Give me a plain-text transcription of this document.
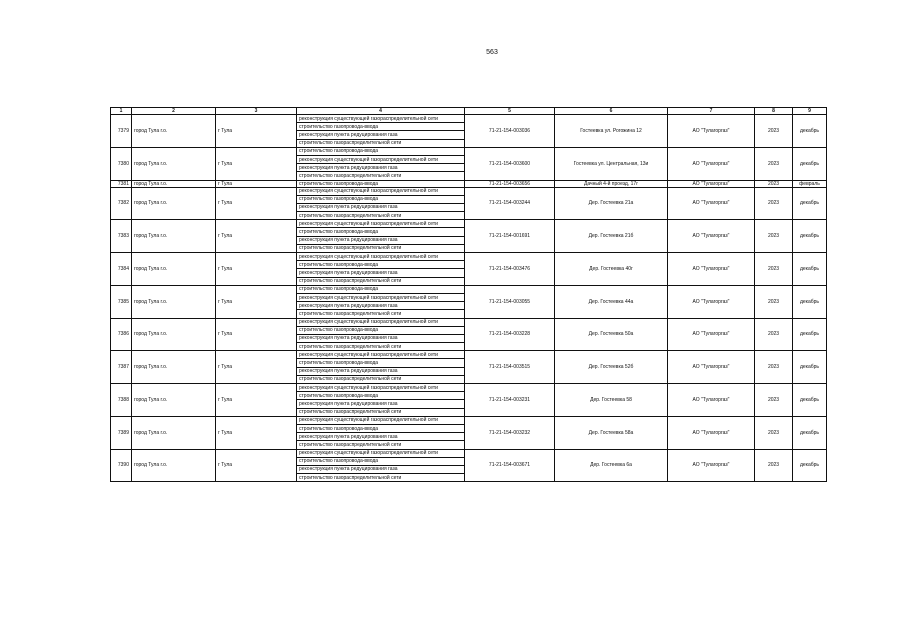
563
1	2	3	4	5	6	7	8	9
7379	город Тула г.о.	г Тула	реконструкция существующей газораспределительной сети	71-21-154-003036	Гостеевка ул. Рогожина 12	АО "Тулагоргаз"	2023	декабрь
			строительство газопровода-ввода					
			реконструкция пункта редуцирования газа					
			строительство газораспределительной сети					
7380	город Тула г.о.	г Тула	строительство газопровода-ввода	71-21-154-003600	Гостеевка ул. Центральная, 13и	АО "Тулагоргаз"	2023	декабрь
			реконструкция существующей газораспределительной сети					
			реконструкция пункта редуцирования газа					
			строительство газораспределительной сети					
7381	город Тула г.о.	г Тула	строительство газопровода-ввода	71-21-154-003656	Дачный 4-й проезд, 17г	АО "Тулагоргаз"	2023	февраль
7382	город Тула г.о.	г Тула	реконструкция существующей газораспределительной сети	71-21-154-003244	Дер. Гостеевка 21а	АО "Тулагоргаз"	2023	декабрь
			строительство газопровода-ввода					
			реконструкция пункта редуцирования газа					
			строительство газораспределительной сети					
7383	город Тула г.о.	г Тула	реконструкция существующей газораспределительной сети	71-21-154-001691	Дер. Гостеевка 21б	АО "Тулагоргаз"	2023	декабрь
			строительство газопровода-ввода					
			реконструкция пункта редуцирования газа					
			строительство газораспределительной сети					
7384	город Тула г.о.	г Тула	реконструкция существующей газораспределительной сети	71-21-154-003476	Дер. Гостеевка 40г	АО "Тулагоргаз"	2023	декабрь
			строительство газопровода-ввода					
			реконструкция пункта редуцирования газа					
			строительство газораспределительной сети					
7385	город Тула г.о.	г Тула	строительство газопровода-ввода	71-21-154-003055	Дер. Гостеевка 44а	АО "Тулагоргаз"	2023	декабрь
			реконструкция существующей газораспределительной сети					
			реконструкция пункта редуцирования газа					
			строительство газораспределительной сети					
7386	город Тула г.о.	г Тула	реконструкция существующей газораспределительной сети	71-21-154-003228	Дер. Гостеевка 50а	АО "Тулагоргаз"	2023	декабрь
			строительство газопровода-ввода					
			реконструкция пункта редуцирования газа					
			строительство газораспределительной сети					
7387	город Тула г.о.	г Тула	реконструкция существующей газораспределительной сети	71-21-154-003515	Дер. Гостеевка 52б	АО "Тулагоргаз"	2023	декабрь
			строительство газопровода-ввода					
			реконструкция пункта редуцирования газа					
			строительство газораспределительной сети					
7388	город Тула г.о.	г Тула	реконструкция существующей газораспределительной сети	71-21-154-003231	Дер. Гостеевка 58	АО "Тулагоргаз"	2023	декабрь
			строительство газопровода-ввода					
			реконструкция пункта редуцирования газа					
			строительство газораспределительной сети					
7389	город Тула г.о.	г Тула	реконструкция существующей газораспределительной сети	71-21-154-003232	Дер. Гостеевка 58а	АО "Тулагоргаз"	2023	декабрь
			строительство газопровода-ввода					
			реконструкция пункта редуцирования газа					
			строительство газораспределительной сети					
7390	город Тула г.о.	г Тула	реконструкция существующей газораспределительной сети	71-21-154-003671	Дер. Гостеевка 6а	АО "Тулагоргаз"	2023	декабрь
			строительство газопровода-ввода					
			реконструкция пункта редуцирования газа					
			строительство газораспределительной сети					
